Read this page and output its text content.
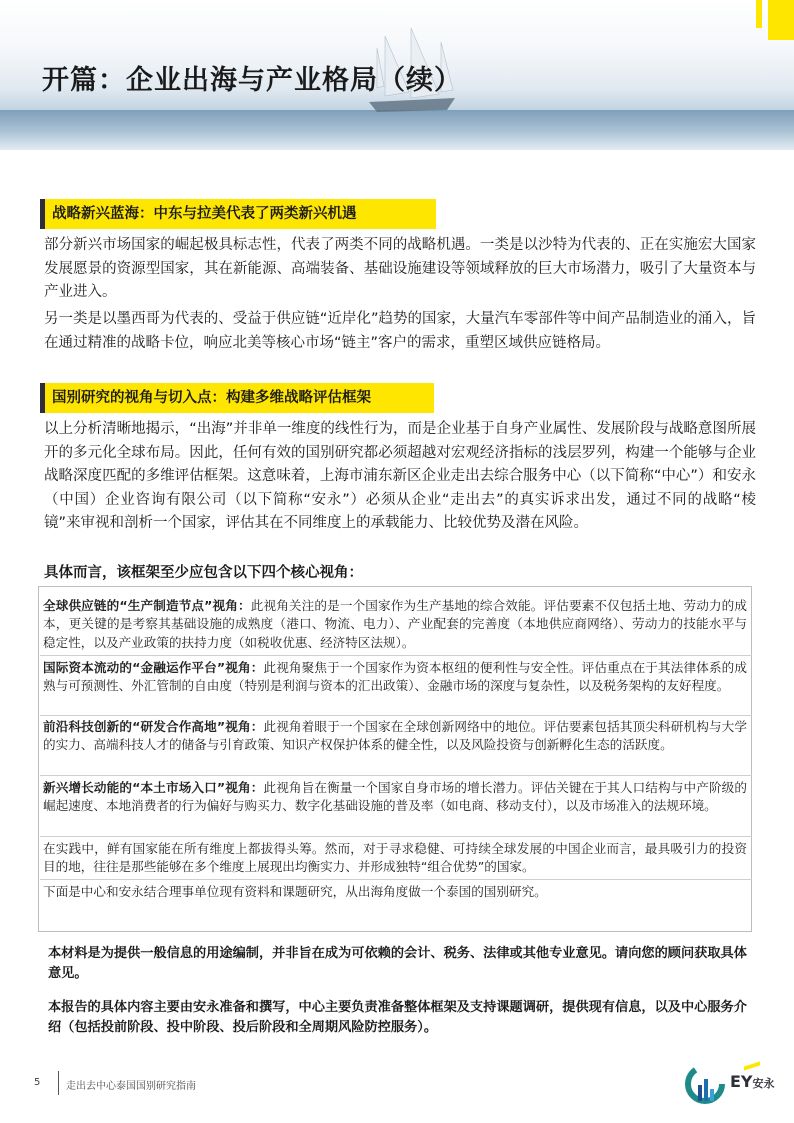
开篇：企业出海与产业格局（续）
战略新兴蓝海：中东与拉美代表了两类新兴机遇

部分新兴市场国家的崛起极具标志性，代表了两类不同的战略机遇。一类是以沙特为代表的、正在实施宏大国家发展愿景的资源型国家，其在新能源、高端装备、基础设施建设等领域释放的巨大市场潜力，吸引了大量资本与产业进入。

另一类是以墨西哥为代表的、受益于供应链“近岸化”趋势的国家，大量汽车零部件等中间产品制造业的涌入，旨在通过精准的战略卡位，响应北美等核心市场“链主”客户的需求，重塑区域供应链格局。

国别研究的视角与切入点：构建多维战略评估框架

以上分析清晰地揭示，“出海”并非单一维度的线性行为，而是企业基于自身产业属性、发展阶段与战略意图所展开的多元化全球布局。因此，任何有效的国别研究都必须超越对宏观经济指标的浅层罗列，构建一个能够与企业战略深度匹配的多维评估框架。这意味着，上海市浦东新区企业走出去综合服务中心（以下简称“中心”）和安永（中国）企业咨询有限公司（以下简称“安永”）必须从企业“走出去”的真实诉求出发，通过不同的战略“棱镜”来审视和剖析一个国家，评估其在不同维度上的承载能力、比较优势及潜在风险。

具体而言，该框架至少应包含以下四个核心视角：

全球供应链的“生产制造节点”视角：此视角关注的是一个国家作为生产基地的综合效能。评估要素不仅包括土地、劳动力的成本，更关键的是考察其基础设施的成熟度（港口、物流、电力）、产业配套的完善度（本地供应商网络）、劳动力的技能水平与稳定性，以及产业政策的扶持力度（如税收优惠、经济特区法规）。

国际资本流动的“金融运作平台”视角：此视角聚焦于一个国家作为资本枢纽的便利性与安全性。评估重点在于其法律体系的成熟与可预测性、外汇管制的自由度（特别是利润与资本的汇出政策）、金融市场的深度与复杂性，以及税务架构的友好程度。

前沿科技创新的“研发合作高地”视角：此视角着眼于一个国家在全球创新网络中的地位。评估要素包括其顶尖科研机构与大学的实力、高端科技人才的储备与引育政策、知识产权保护体系的健全性，以及风险投资与创新孵化生态的活跃度。

新兴增长动能的“本土市场入口”视角：此视角旨在衡量一个国家自身市场的增长潜力。评估关键在于其人口结构与中产阶级的崛起速度、本地消费者的行为偏好与购买力、数字化基础设施的普及率（如电商、移动支付），以及市场准入的法规环境。

在实践中，鲜有国家能在所有维度上都拔得头筹。然而，对于寻求稳健、可持续全球发展的中国企业而言，最具吸引力的投资目的地，往往是那些能够在多个维度上展现出均衡实力、并形成独特“组合优势”的国家。

下面是中心和安永结合理事单位现有资料和课题研究，从出海角度做一个泰国的国别研究。

本材料是为提供一般信息的用途编制，并非旨在成为可依赖的会计、税务、法律或其他专业意见。请向您的顾问获取具体意见。

本报告的具体内容主要由安永准备和撰写，中心主要负责准备整体框架及支持课题调研，提供现有信息，以及中心服务介绍（包括投前阶段、投中阶段、投后阶段和全周期风险防控服务）。

5	走出去中心泰国国别研究指南	EY安永
